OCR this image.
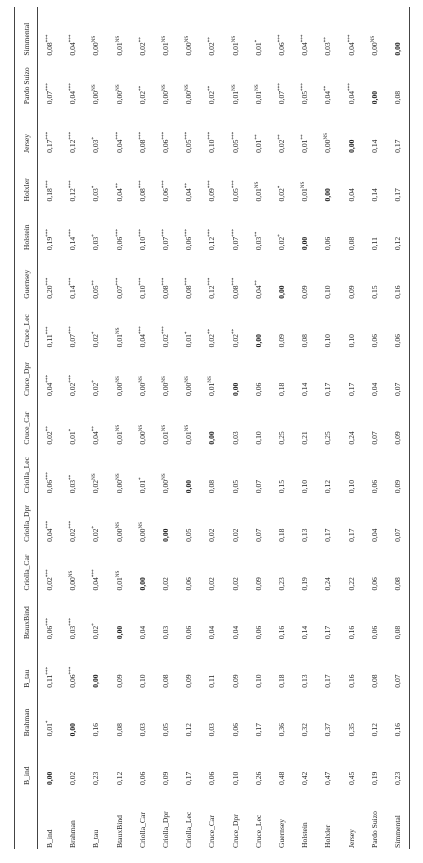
	B_ind	Brahman	B_tau	BtauxBind	Criolla_Car	Criolla_Dpr	Criolla_Lec	Cruce_Car	Cruce_Dpr	Cruce_Lec	Guernsey	Holstein	Holxler	Jersey	Pardo Suizo	Simmental
B_ind	0,00	0,01*	0,11***	0,06***	0,02***	0,04***	0,06***	0,02**	0,04***	0,11***	0,20***	0,19***	0,18***	0,17***	0,07***	0,08***
Brahman	0,02	0,00	0,06***	0,03***	$0,00^{NS}$	0,02***	0,03**	0,01*	0,02***	0,07***	0,14***	0,14***	0,12***	0,12***	0,04***	0,04***
B_tau	0,23	0,16	0,00	0,02*	0,04***	0,02*	$0,02^{NS}$	0,04**	0,02*	0,02*	0,05**	0,03*	0,03*	0,03*	$0,00^{NS}$	$0,00^{NS}$
BtauxBind	0,12	0,08	0,09	0,00	$0,01^{NS}$	$0,00^{NS}$	$0,00^{NS}$	$0,01^{NS}$	$0,00^{NS}$	$0,01^{NS}$	0,07***	0,06***	0,04**	0,04***	$0,00^{NS}$	$0,01^{NS}$
Criolla_Car	0,06	0,03	0,10	0,04	0,00	$0,00^{NS}$	0,01*	$0,00^{NS}$	$0,00^{NS}$	0,04***	0,10***	0,10***	0,08***	0,08***	0,02**	0,02**
Criolla_Dpr	0,09	0,05	0,08	0,03	0,02	0,00	$0,00^{NS}$	$0,01^{NS}$	$0,00^{NS}$	0,02***	0,08***	0,07***	0,06***	0,06***	$0,00^{NS}$	$0,01^{NS}$
Criolla_Lec	0,17	0,12	0,09	0,06	0,06	0,05	0,00	$0,01^{NS}$	$0,00^{NS}$	0,01*	0,08***	0,06***	0,04**	0,05***	$0,00^{NS}$	$0,00^{NS}$
Cruce_Car	0,06	0,03	0,11	0,04	0,02	0,02	0,08	0,00	$0,01^{NS}$	0,02**	0,12***	0,12***	0,09***	0,10***	0,02**	0,02**
Cruce_Dpr	0,10	0,06	0,09	0,04	0,02	0,02	0,05	0,03	0,00	0,02**	0,08***	0,07***	0,05***	0,05***	$0,01^{NS}$	$0,01^{NS}$
Cruce_Lec	0,26	0,17	0,10	0,06	0,09	0,07	0,07	0,10	0,06	0,00	0,04**	0,03**	$0,01^{NS}$	0,01**	$0,01^{NS}$	0,01*
Guernsey	0,48	0,36	0,18	0,16	0,23	0,18	0,15	0,25	0,18	0,09	0,00	0,02*	0,02*	0,02**	0,07***	0,06***
Holstein	0,42	0,32	0,13	0,14	0,19	0,13	0,10	0,21	0,14	0,08	0,09	0,00	$0,01^{NS}$	0,01**	0,05***	0,04***
Holxler	0,47	0,37	0,17	0,17	0,24	0,17	0,12	0,25	0,17	0,10	0,10	0,06	0,00	$0,00^{NS}$	0,04**	0,03**
Jersey	0,45	0,35	0,16	0,16	0,22	0,17	0,10	0,24	0,17	0,10	0,09	0,08	0,04	0,00	0,04***	0,04***
Pardo Suizo	0,19	0,12	0,08	0,06	0,06	0,04	0,06	0,07	0,04	0,06	0,15	0,11	0,14	0,14	0,00	$0,00^{NS}$
Simmental	0,23	0,16	0,07	0,08	0,08	0,07	0,09	0,09	0,07	0,06	0,16	0,12	0,17	0,17	0,08	0,00
